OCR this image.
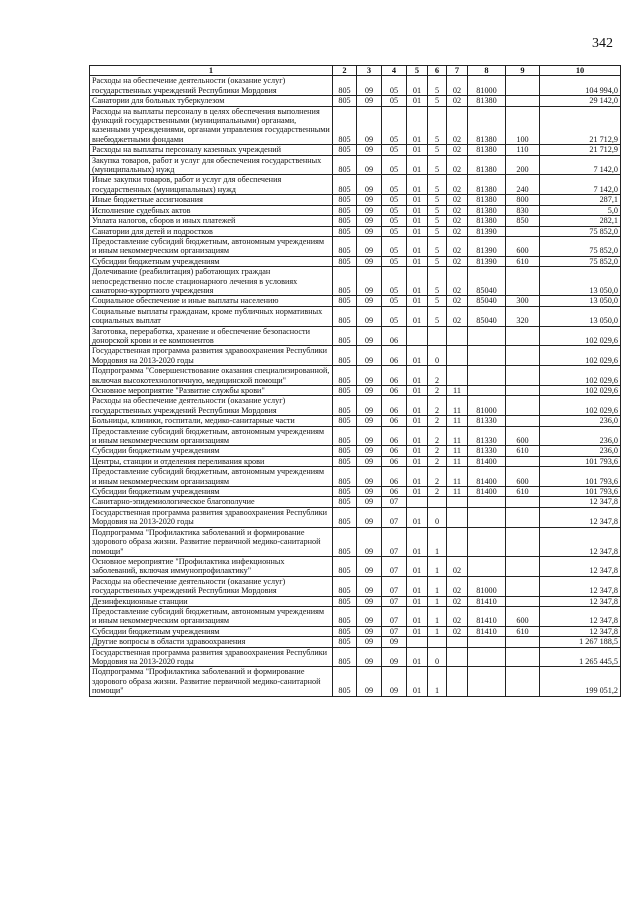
342
1	2	3	4	5	6	7	8	9	10
Расходы на обеспечение деятельности (оказание услуг) государственных учреждений Республики Мордовия	805	09	05	01	5	02	81000		104 994,0
Санатории для больных туберкулезом	805	09	05	01	5	02	81380		29 142,0
Расходы на выплаты персоналу в целях обеспечения выполнения функций государственными (муниципальными) органами, казенными учреждениями, органами управления государственными внебюджетными фондами	805	09	05	01	5	02	81380	100	21 712,9
Расходы на выплаты персоналу казенных учреждений	805	09	05	01	5	02	81380	110	21 712,9
Закупка товаров, работ и услуг для обеспечения государственных (муниципальных) нужд	805	09	05	01	5	02	81380	200	7 142,0
Иные закупки товаров, работ и услуг для обеспечения государственных (муниципальных) нужд	805	09	05	01	5	02	81380	240	7 142,0
Иные бюджетные ассигнования	805	09	05	01	5	02	81380	800	287,1
Исполнение судебных актов	805	09	05	01	5	02	81380	830	5,0
Уплата налогов, сборов и иных платежей	805	09	05	01	5	02	81380	850	282,1
Санатории для детей и подростков	805	09	05	01	5	02	81390		75 852,0
Предоставление субсидий бюджетным, автономным учреждениям и иным некоммерческим организациям	805	09	05	01	5	02	81390	600	75 852,0
Субсидии бюджетным учреждениям	805	09	05	01	5	02	81390	610	75 852,0
Долечивание (реабилитация) работающих граждан непосредственно после стационарного лечения в условиях санаторно-курортного учреждения	805	09	05	01	5	02	85040		13 050,0
Социальное обеспечение и иные выплаты населению	805	09	05	01	5	02	85040	300	13 050,0
Социальные выплаты гражданам, кроме публичных нормативных социальных выплат	805	09	05	01	5	02	85040	320	13 050,0
Заготовка, переработка, хранение и обеспечение безопасности донорской крови и ее компонентов	805	09	06						102 029,6
Государственная программа развития здравоохранения Республики Мордовия на 2013-2020 годы	805	09	06	01	0				102 029,6
Подпрограмма "Совершенствование оказания специализированной, включая высокотехнологичную, медицинской помощи"	805	09	06	01	2				102 029,6
Основное мероприятие "Развитие службы крови"	805	09	06	01	2	11			102 029,6
Расходы на обеспечение деятельности (оказание услуг) государственных учреждений Республики Мордовия	805	09	06	01	2	11	81000		102 029,6
Больницы, клиники, госпитали, медико-санитарные части	805	09	06	01	2	11	81330		236,0
Предоставление субсидий бюджетным, автономным учреждениям и иным некоммерческим организациям	805	09	06	01	2	11	81330	600	236,0
Субсидии бюджетным учреждениям	805	09	06	01	2	11	81330	610	236,0
Центры, станции и отделения переливания крови	805	09	06	01	2	11	81400		101 793,6
Предоставление субсидий бюджетным, автономным учреждениям и иным некоммерческим организациям	805	09	06	01	2	11	81400	600	101 793,6
Субсидии бюджетным учреждениям	805	09	06	01	2	11	81400	610	101 793,6
Санитарно-эпидемиологическое благополучие	805	09	07						12 347,8
Государственная программа развития здравоохранения Республики Мордовия на 2013-2020 годы	805	09	07	01	0				12 347,8
Подпрограмма "Профилактика заболеваний и формирование здорового образа жизни. Развитие первичной медико-санитарной помощи"	805	09	07	01	1				12 347,8
Основное мероприятие "Профилактика инфекционных заболеваний, включая иммунопрофилактику"	805	09	07	01	1	02			12 347,8
Расходы на обеспечение деятельности (оказание услуг) государственных учреждений Республики Мордовия	805	09	07	01	1	02	81000		12 347,8
Дезинфекционные станции	805	09	07	01	1	02	81410		12 347,8
Предоставление субсидий бюджетным, автономным учреждениям и иным некоммерческим организациям	805	09	07	01	1	02	81410	600	12 347,8
Субсидии бюджетным учреждениям	805	09	07	01	1	02	81410	610	12 347,8
Другие вопросы в области здравоохранения	805	09	09						1 267 188,5
Государственная программа развития здравоохранения Республики Мордовия на 2013-2020 годы	805	09	09	01	0				1 265 445,5
Подпрограмма "Профилактика заболеваний и формирование здорового образа жизни. Развитие первичной медико-санитарной помощи"	805	09	09	01	1				199 051,2
